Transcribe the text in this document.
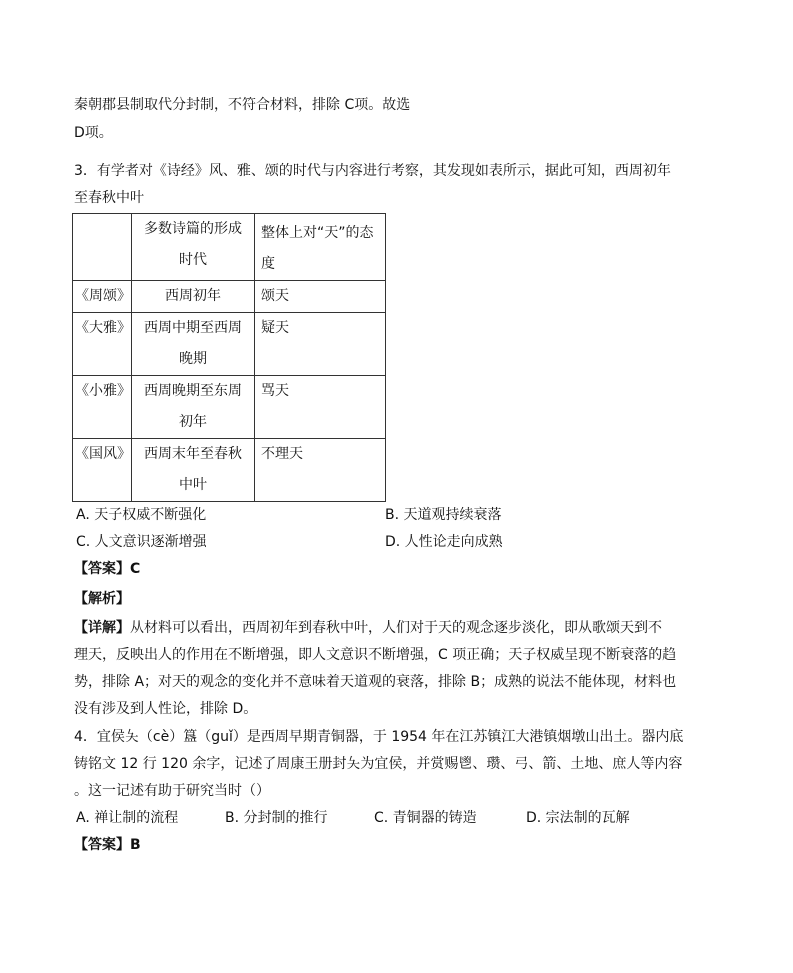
秦朝郡县制取代分封制，不符合材料，排除 C项。故选
D项。
3．有学者对《诗经》风、雅、颂的时代与内容进行考察，其发现如表所示，据此可知，西周初年
至春秋中叶

	多数诗篇的形成时代	整体上对“天”的态度

《周颂》	西周初年	颂天
《大雅》	西周中期至西周晚期	疑天
《小雅》	西周晚期至东周初年	骂天
《国风》	西周末年至春秋中叶	不理天
A. 天子权威不断强化	B. 天道观持续衰落
C. 人文意识逐渐增强	D. 人性论走向成熟
【答案】C
【解析】
【详解】从材料可以看出，西周初年到春秋中叶，人们对于天的观念逐步淡化，即从歌颂天到不
理天，反映出人的作用在不断增强，即人文意识不断增强，C 项正确；天子权威呈现不断衰落的趋
势，排除 A；对天的观念的变化并不意味着天道观的衰落，排除 B；成熟的说法不能体现，材料也
没有涉及到人性论，排除 D。
4．宜侯夨（cè）簋（guǐ）是西周早期青铜器，于 1954 年在江苏镇江大港镇烟墩山出土。器内底
铸铭文 12 行 120 余字，记述了周康王册封夨为宜侯，并赏赐鬯、瓒、弓、箭、土地、庶人等内容
。这一记述有助于研究当时（）
A. 禅让制的流程	B. 分封制的推行	C. 青铜器的铸造	D. 宗法制的瓦解
【答案】B
